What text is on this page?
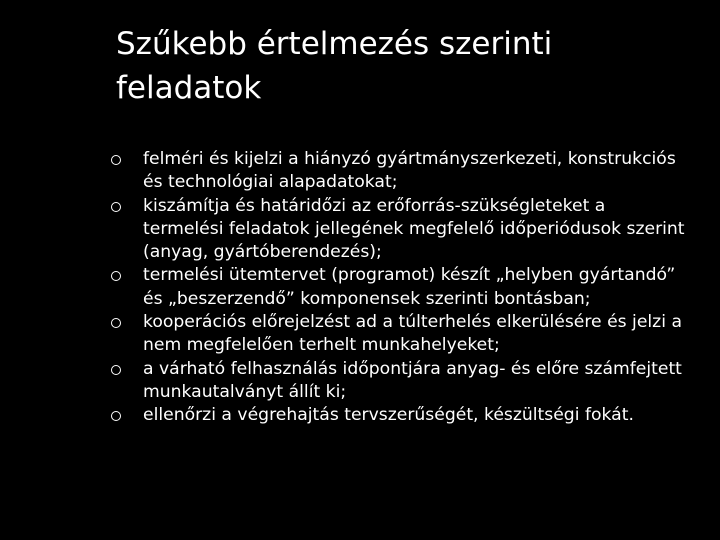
Szűkebb értelmezés szerinti feladatok
felméri és kijelzi a hiányzó gyártmányszerkezeti, konstrukciós és technológiai alapadatokat;
kiszámítja és határidőzi az erőforrás-szükségleteket a termelési feladatok jellegének megfelelő időperiódusok szerint (anyag, gyártóberendezés);
termelési ütemtervet (programot) készít „helyben gyártandó” és „beszerzendő” komponensek szerinti bontásban;
kooperációs előrejelzést ad a túlterhelés elkerülésére és jelzi a nem megfelelően terhelt munkahelyeket;
a várható felhasználás időpontjára anyag- és előre számfejtett munkautalványt állít ki;
ellenőrzi a végrehajtás tervszerűségét, készültségi fokát.
